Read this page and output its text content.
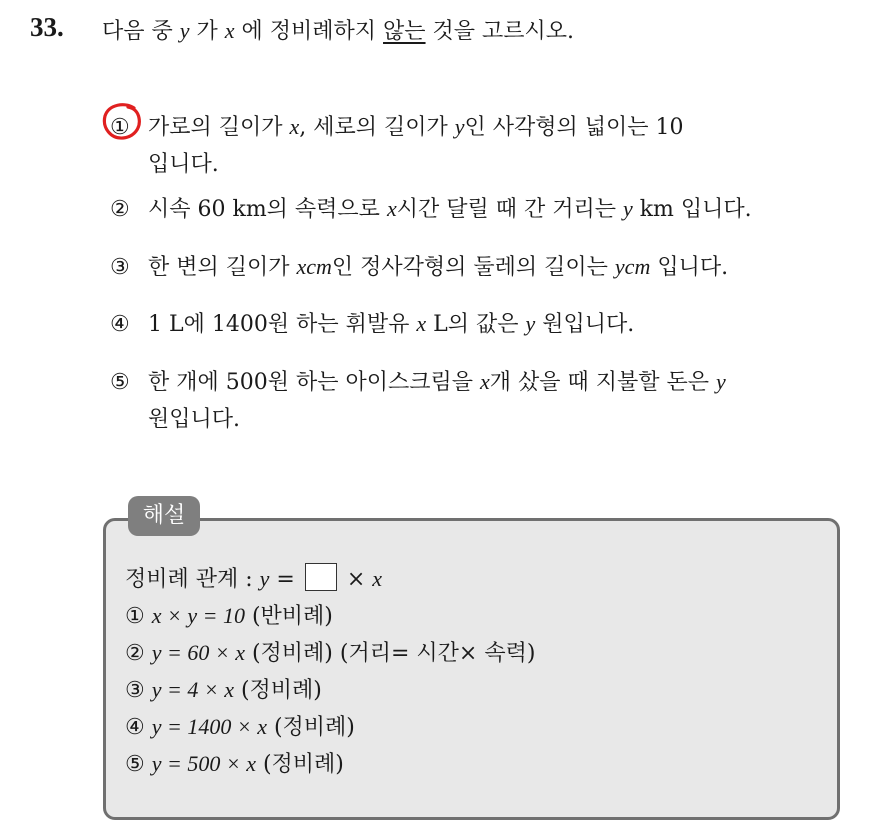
33. 다음 중 y 가 x 에 정비례하지 않는 것을 고르시오.
① 가로의 길이가 x, 세로의 길이가 y인 사각형의 넓이는 10
입니다.
② 시속 60 km의 속력으로 x시간 달릴 때 간 거리는 y km 입니다.
③ 한 변의 길이가 xcm인 정사각형의 둘레의 길이는 ycm 입니다.
④ 1 L에 1400원 하는 휘발유 x L의 값은 y 원입니다.
⑤ 한 개에 500원 하는 아이스크림을 x개 샀을 때 지불할 돈은 y
원입니다.
해설
정비례 관계 : y =  × x
① x × y = 10 (반비례)
② y = 60 × x (정비례) (거리= 시간× 속력)
③ y = 4 × x (정비례)
④ y = 1400 × x (정비례)
⑤ y = 500 × x (정비례)
